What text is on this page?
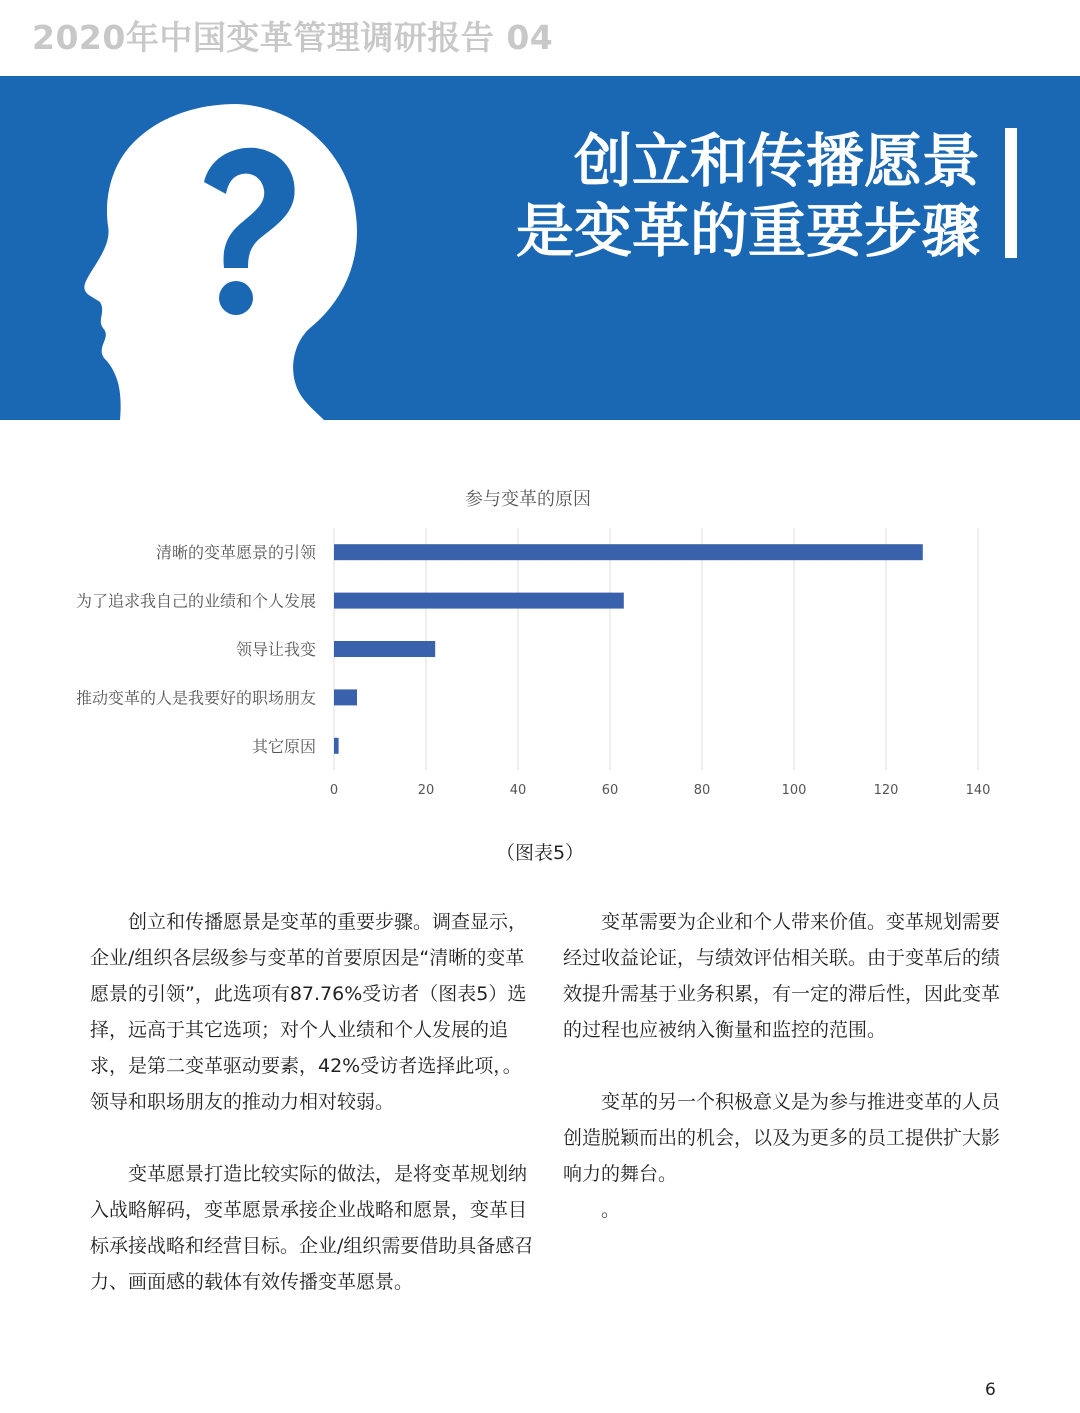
2020年中国变革管理调研报告 04
创立和传播愿景
是变革的重要步骤
参与变革的原因
清晰的变革愿景的引领
为了追求我自己的业绩和个人发展
领导让我变
推动变革的人是我要好的职场朋友
其它原因
0	20	40	60	80	100	120	140
（图表5）

创立和传播愿景是变革的重要步骤。调查显示，企业/组织各层级参与变革的首要原因是“清晰的变革愿景的引领”，此选项有87.76%受访者（图表5）选择，远高于其它选项；对个人业绩和个人发展的追求，是第二变革驱动要素，42%受访者选择此项，。领导和职场朋友的推动力相对较弱。

变革愿景打造比较实际的做法，是将变革规划纳入战略解码，变革愿景承接企业战略和愿景，变革目标承接战略和经营目标。企业/组织需要借助具备感召力、画面感的载体有效传播变革愿景。

变革需要为企业和个人带来价值。变革规划需要经过收益论证，与绩效评估相关联。由于变革后的绩效提升需基于业务积累，有一定的滞后性，因此变革的过程也应被纳入衡量和监控的范围。

变革的另一个积极意义是为参与推进变革的人员创造脱颖而出的机会，以及为更多的员工提供扩大影响力的舞台。

。

6
